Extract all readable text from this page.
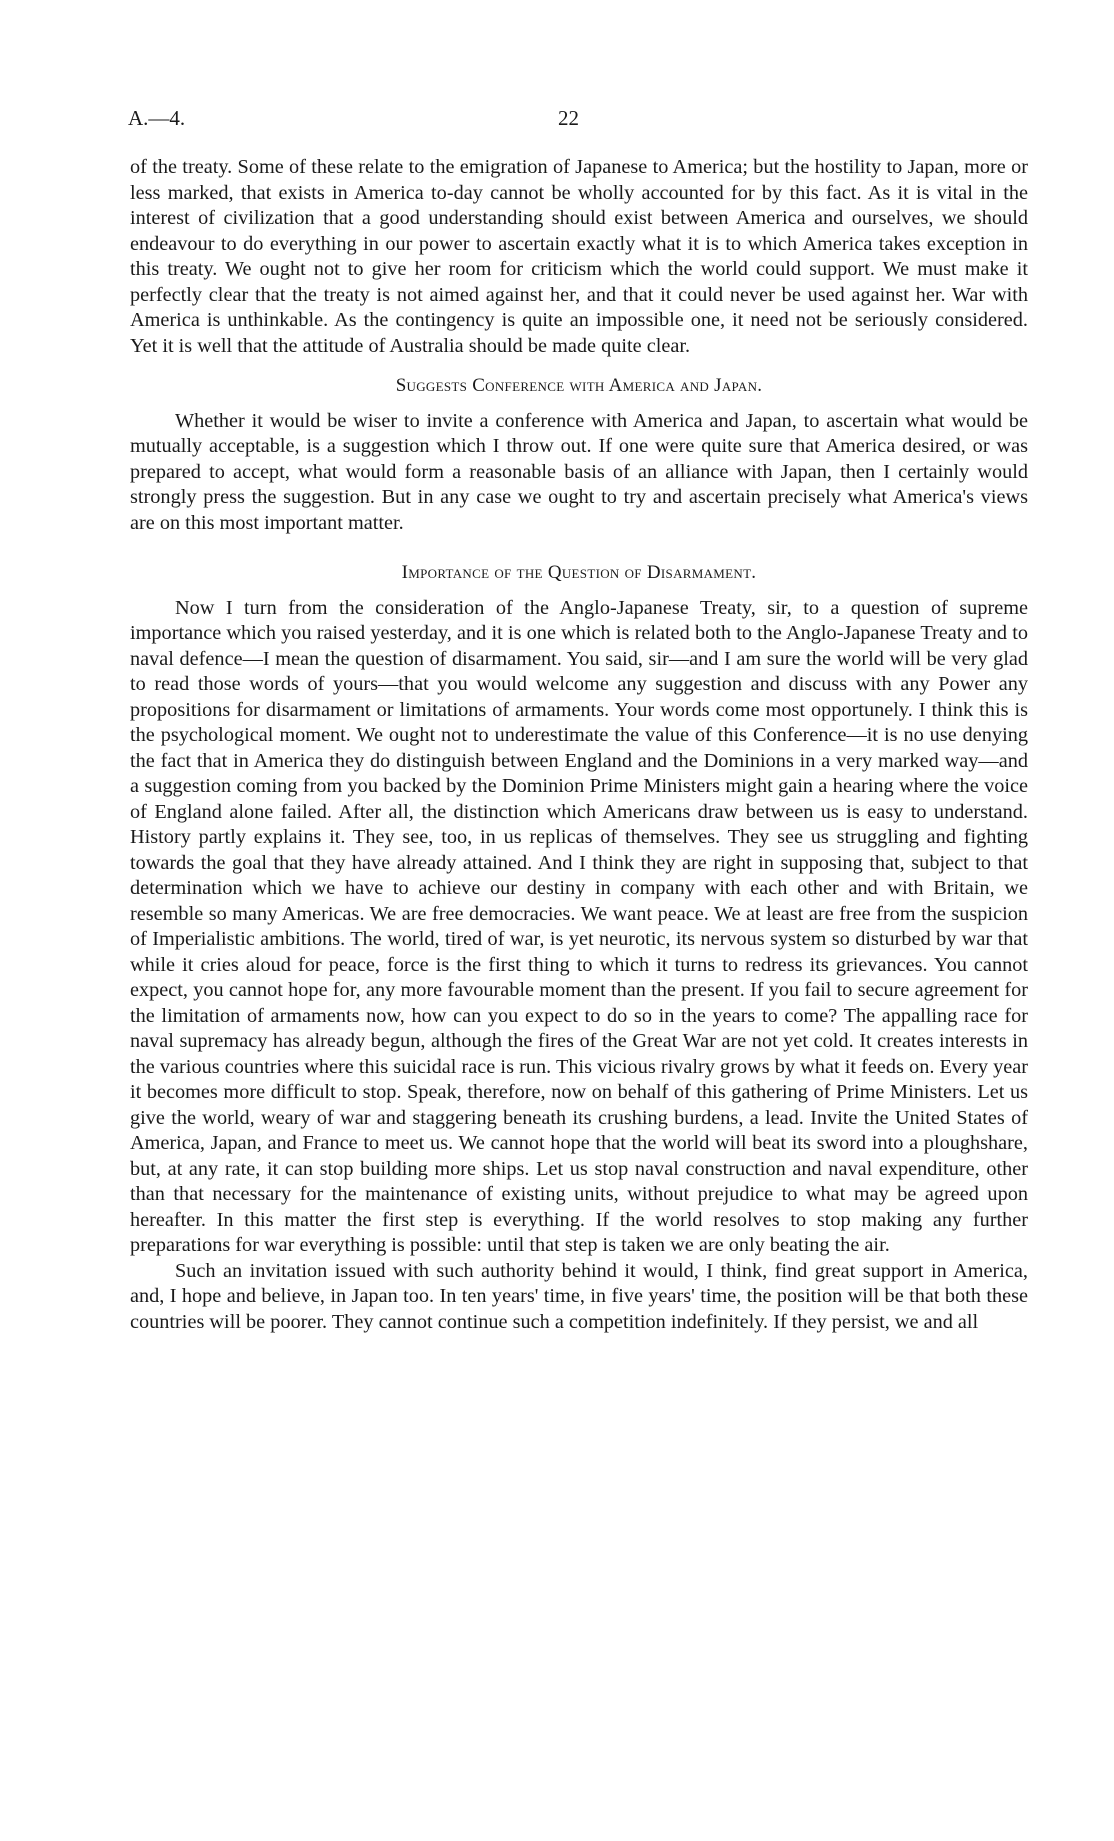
A.—4.	22

of the treaty. Some of these relate to the emigration of Japanese to America; but the hostility to Japan, more or less marked, that exists in America to-day cannot be wholly accounted for by this fact. As it is vital in the interest of civilization that a good understanding should exist between America and ourselves, we should endeavour to do everything in our power to ascertain exactly what it is to which America takes exception in this treaty. We ought not to give her room for criticism which the world could support. We must make it perfectly clear that the treaty is not aimed against her, and that it could never be used against her. War with America is unthinkable. As the contingency is quite an impossible one, it need not be seriously considered. Yet it is well that the attitude of Australia should be made quite clear.

Suggests Conference with America and Japan.

Whether it would be wiser to invite a conference with America and Japan, to ascertain what would be mutually acceptable, is a suggestion which I throw out. If one were quite sure that America desired, or was prepared to accept, what would form a reasonable basis of an alliance with Japan, then I certainly would strongly press the suggestion. But in any case we ought to try and ascertain precisely what America's views are on this most important matter.

Importance of the Question of Disarmament.

Now I turn from the consideration of the Anglo-Japanese Treaty, sir, to a question of supreme importance which you raised yesterday, and it is one which is related both to the Anglo-Japanese Treaty and to naval defence—I mean the question of disarmament. You said, sir—and I am sure the world will be very glad to read those words of yours—that you would welcome any suggestion and discuss with any Power any propositions for disarmament or limitations of armaments. Your words come most opportunely. I think this is the psychological moment. We ought not to underestimate the value of this Conference—it is no use denying the fact that in America they do distinguish between England and the Dominions in a very marked way—and a suggestion coming from you backed by the Dominion Prime Ministers might gain a hearing where the voice of England alone failed. After all, the distinction which Americans draw between us is easy to understand. History partly explains it. They see, too, in us replicas of themselves. They see us struggling and fighting towards the goal that they have already attained. And I think they are right in supposing that, subject to that determination which we have to achieve our destiny in company with each other and with Britain, we resemble so many Americas. We are free democracies. We want peace. We at least are free from the suspicion of Imperialistic ambitions. The world, tired of war, is yet neurotic, its nervous system so disturbed by war that while it cries aloud for peace, force is the first thing to which it turns to redress its grievances. You cannot expect, you cannot hope for, any more favourable moment than the present. If you fail to secure agreement for the limitation of armaments now, how can you expect to do so in the years to come? The appalling race for naval supremacy has already begun, although the fires of the Great War are not yet cold. It creates interests in the various countries where this suicidal race is run. This vicious rivalry grows by what it feeds on. Every year it becomes more difficult to stop. Speak, therefore, now on behalf of this gathering of Prime Ministers. Let us give the world, weary of war and staggering beneath its crushing burdens, a lead. Invite the United States of America, Japan, and France to meet us. We cannot hope that the world will beat its sword into a ploughshare, but, at any rate, it can stop building more ships. Let us stop naval construction and naval expenditure, other than that necessary for the maintenance of existing units, without prejudice to what may be agreed upon hereafter. In this matter the first step is everything. If the world resolves to stop making any further preparations for war everything is possible: until that step is taken we are only beating the air.

Such an invitation issued with such authority behind it would, I think, find great support in America, and, I hope and believe, in Japan too. In ten years' time, in five years' time, the position will be that both these countries will be poorer. They cannot continue such a competition indefinitely. If they persist, we and all
